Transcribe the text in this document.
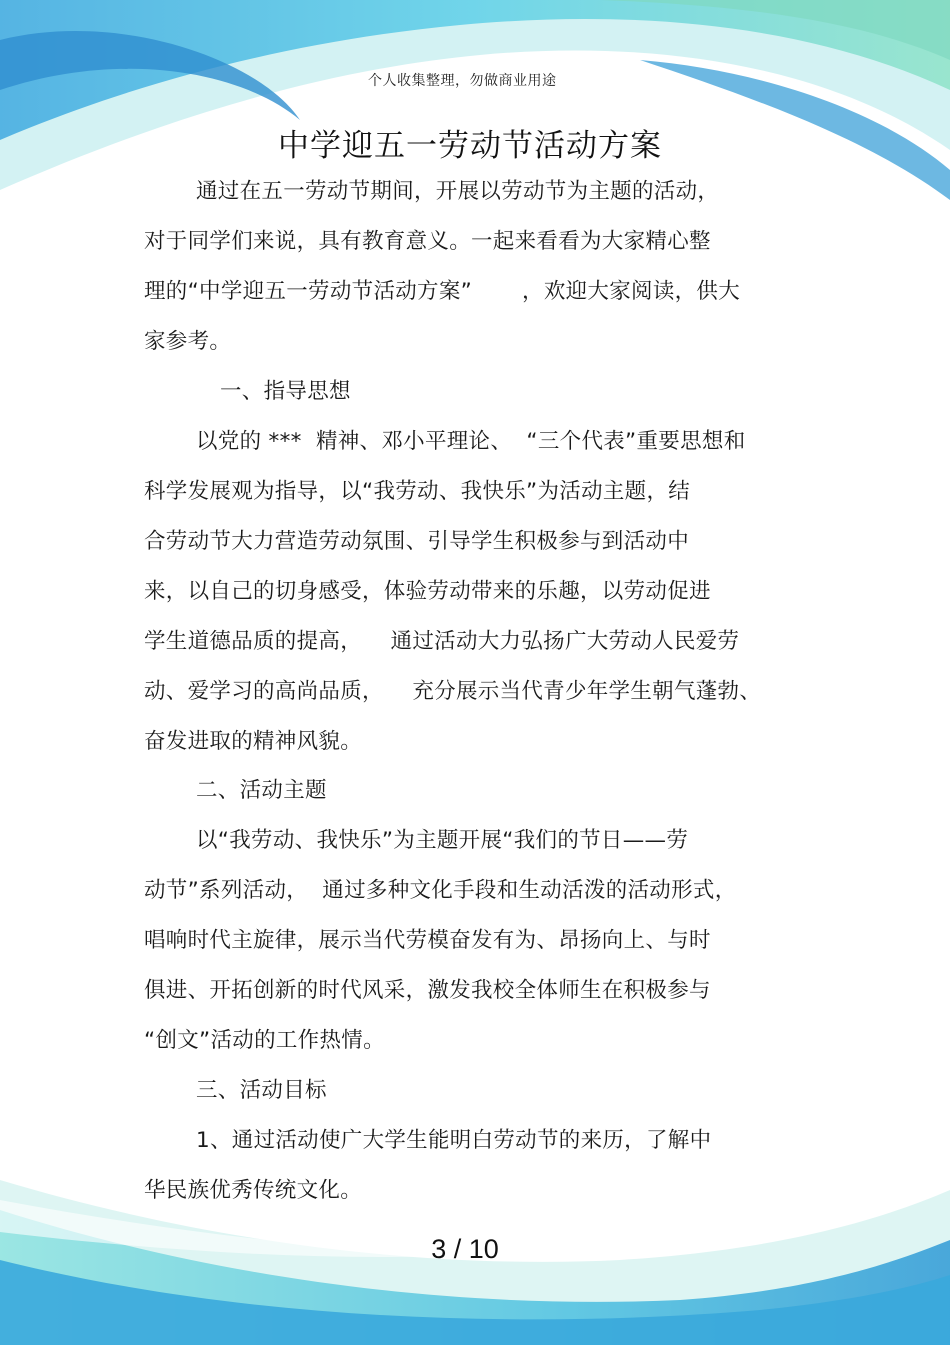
个人收集整理，勿做商业用途
中学迎五一劳动节活动方案
通过在五一劳动节期间，开展以劳动节为主题的活动，
对于同学们来说，具有教育意义。一起来看看为大家精心整
理的“中学迎五一劳动节活动方案”       ，欢迎大家阅读，供大
家参考。
一、指导思想
以党的 ***  精神、邓小平理论、  “三个代表”重要思想和
科学发展观为指导，以“我劳动、我快乐”为活动主题，结
合劳动节大力营造劳动氛围、引导学生积极参与到活动中
来，以自己的切身感受，体验劳动带来的乐趣，以劳动促进
学生道德品质的提高，    通过活动大力弘扬广大劳动人民爱劳
动、爱学习的高尚品质，    充分展示当代青少年学生朝气蓬勃、
奋发进取的精神风貌。
二、活动主题
以“我劳动、我快乐”为主题开展“我们的节日——劳
动节”系列活动，  通过多种文化手段和生动活泼的活动形式，
唱响时代主旋律，展示当代劳模奋发有为、昂扬向上、与时
俱进、开拓创新的时代风采，激发我校全体师生在积极参与
“创文”活动的工作热情。
三、活动目标
1、通过活动使广大学生能明白劳动节的来历，了解中
华民族优秀传统文化。
3 / 10
